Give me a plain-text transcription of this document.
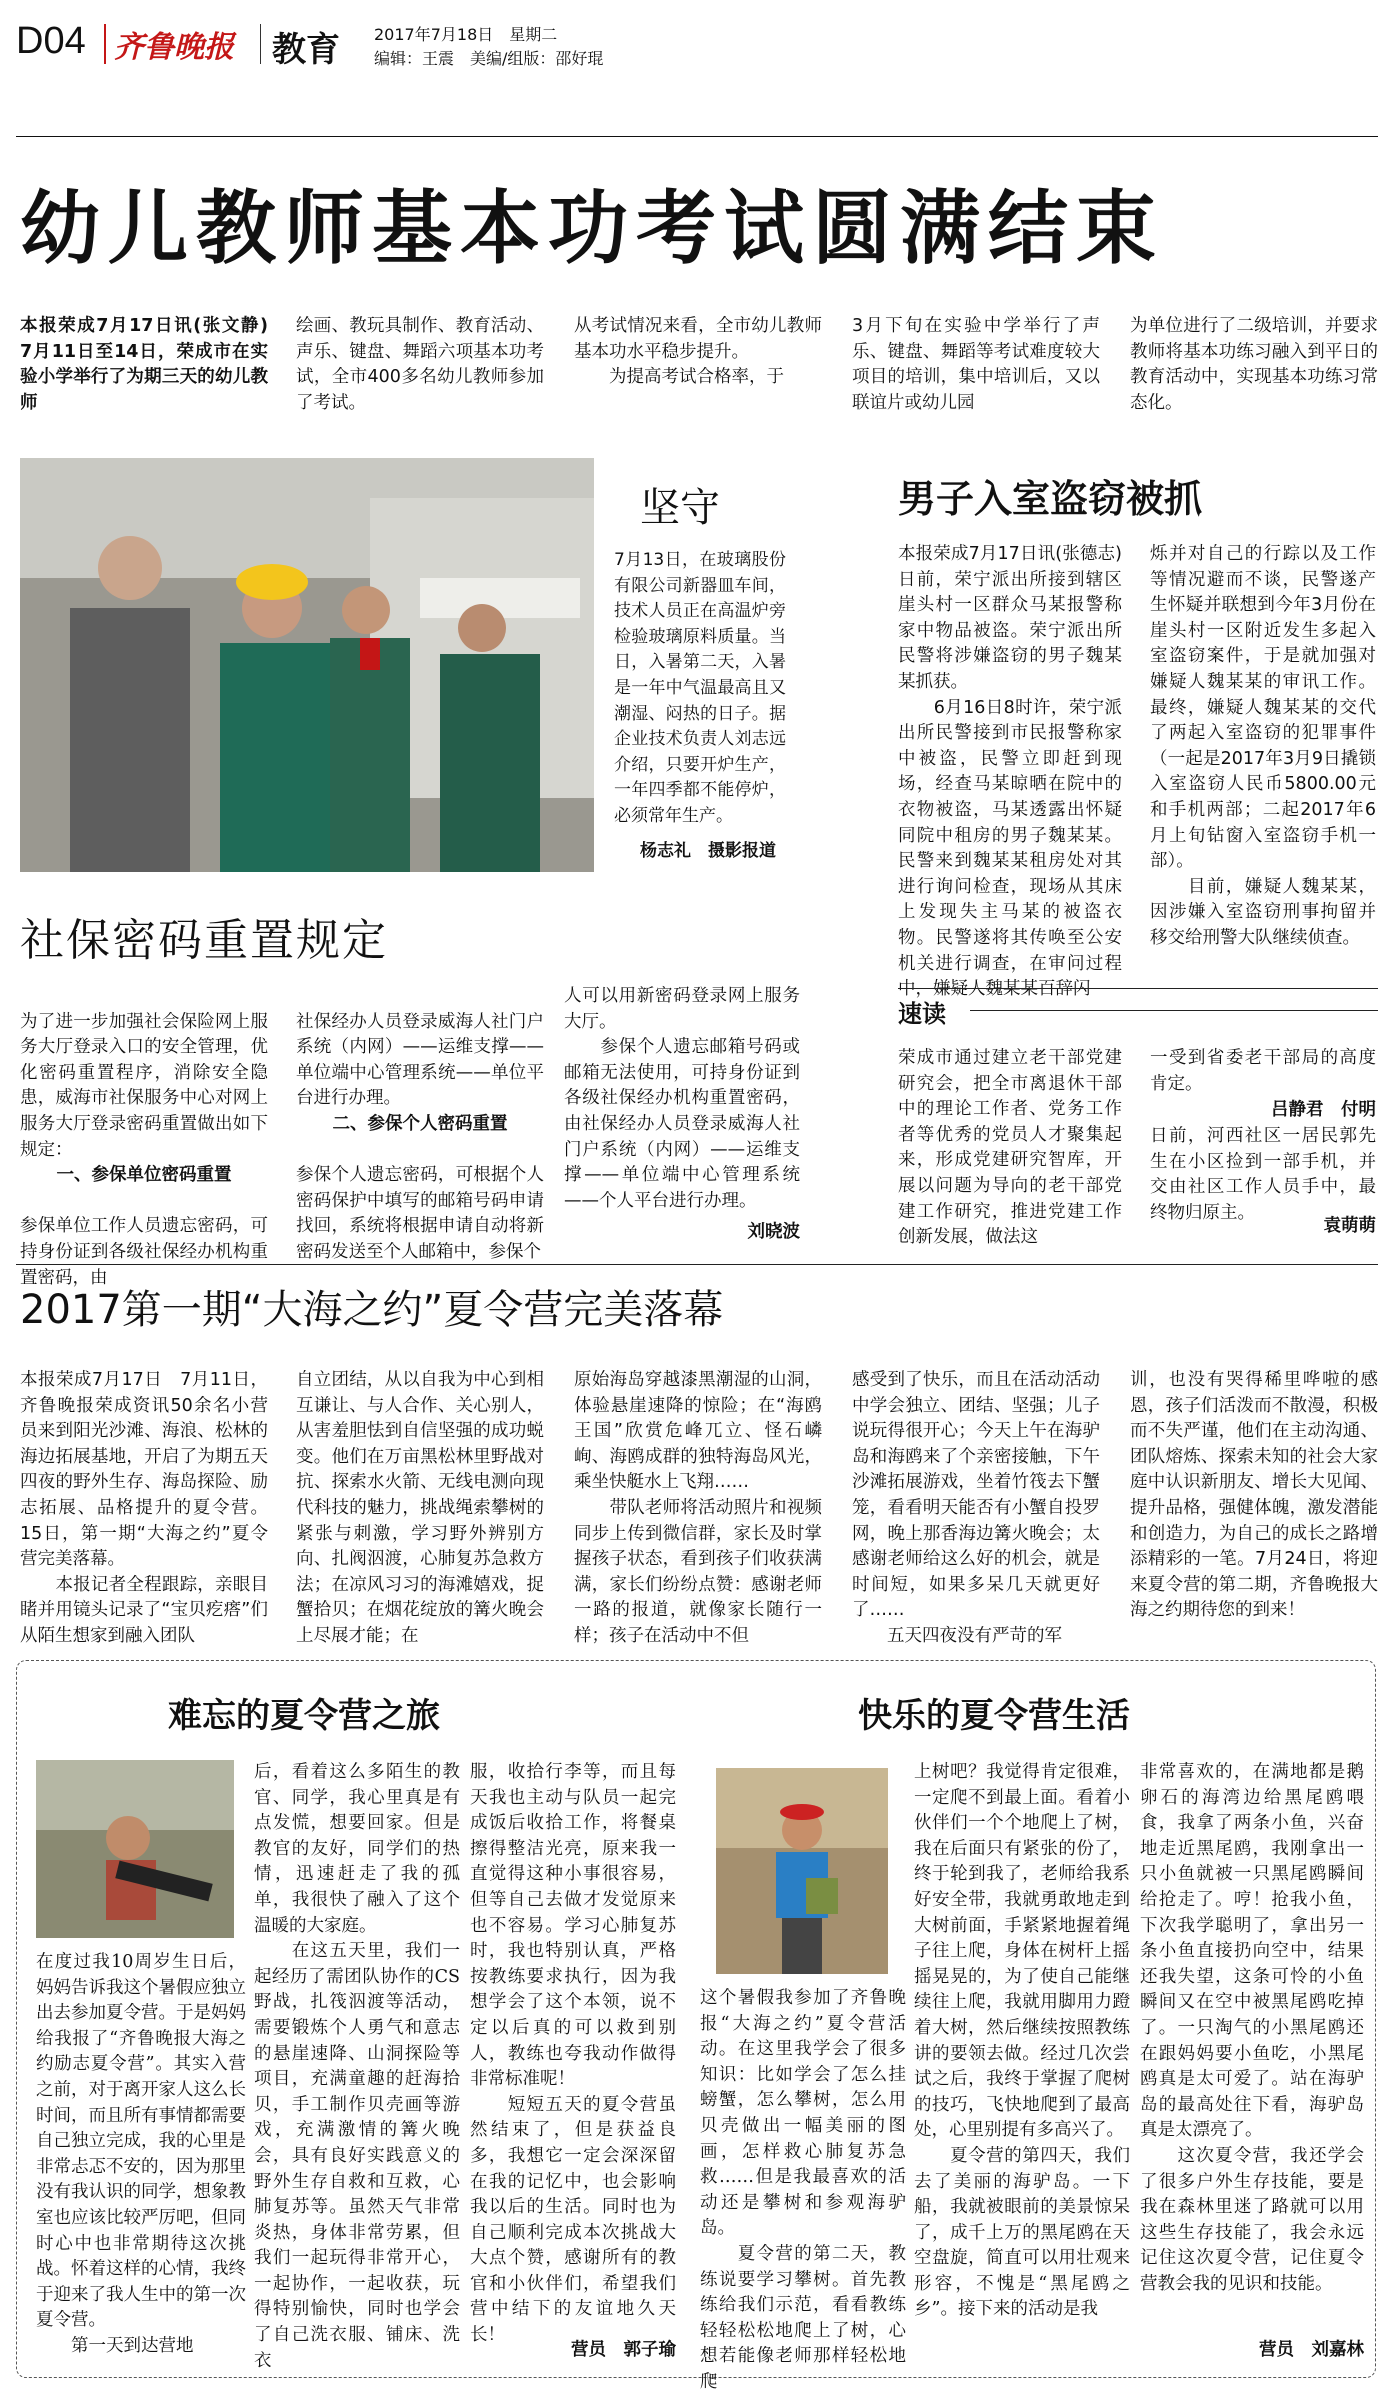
D04 齐鲁晚报 教育 2017年7月18日　星期二
编辑：王震　美编/组版：邵好琨
幼儿教师基本功考试圆满结束
本报荣成7月17日讯(张文静)　7月11日至14日，荣成市在实验小学举行了为期三天的幼儿教师
绘画、教玩具制作、教育活动、声乐、键盘、舞蹈六项基本功考试，全市400多名幼儿教师参加了考试。
从考试情况来看，全市幼儿教师基本功水平稳步提升。
　　为提高考试合格率，于
3月下旬在实验中学举行了声乐、键盘、舞蹈等考试难度较大项目的培训，集中培训后，又以联谊片或幼儿园
为单位进行了二级培训，并要求教师将基本功练习融入到平日的教育活动中，实现基本功练习常态化。
坚守
7月13日，在玻璃股份有限公司新器皿车间，技术人员正在高温炉旁检验玻璃原料质量。当日，入暑第二天，入暑是一年中气温最高且又潮湿、闷热的日子。据企业技术负责人刘志远介绍，只要开炉生产，一年四季都不能停炉，必须常年生产。
杨志礼　摄影报道
男子入室盗窃被抓
本报荣成7月17日讯(张德志)　日前，荣宁派出所接到辖区崖头村一区群众马某报警称家中物品被盗。荣宁派出所民警将涉嫌盗窃的男子魏某某抓获。
　　6月16日8时许，荣宁派出所民警接到市民报警称家中被盗，民警立即赶到现场，经查马某晾晒在院中的衣物被盗，马某透露出怀疑同院中租房的男子魏某某。民警来到魏某某租房处对其进行询问检查，现场从其床上发现失主马某的被盗衣物。民警遂将其传唤至公安机关进行调查，在审问过程中，嫌疑人魏某某百辞闪
烁并对自己的行踪以及工作等情况避而不谈，民警遂产生怀疑并联想到今年3月份在崖头村一区附近发生多起入室盗窃案件，于是就加强对嫌疑人魏某某的审讯工作。最终，嫌疑人魏某某的交代了两起入室盗窃的犯罪事件（一起是2017年3月9日撬锁入室盗窃人民币5800.00元和手机两部；二起2017年6月上旬钻窗入室盗窃手机一部）。
　　目前，嫌疑人魏某某，因涉嫌入室盗窃刑事拘留并移交给刑警大队继续侦查。
速读
荣成市通过建立老干部党建研究会，把全市离退休干部中的理论工作者、党务工作者等优秀的党员人才聚集起来，形成党建研究智库，开展以问题为导向的老干部党建工作研究，推进党建工作创新发展，做法这
一受到省委老干部局的高度肯定。
吕静君　付明
日前，河西社区一居民郭先生在小区捡到一部手机，并交由社区工作人员手中，最终物归原主。
袁萌萌
社保密码重置规定

为了进一步加强社会保险网上服务大厅登录入口的安全管理，优化密码重置程序，消除安全隐患，威海市社保服务中心对网上服务大厅登录密码重置做出如下规定：

一、参保单位密码重置

参保单位工作人员遗忘密码，可持身份证到各级社保经办机构重置密码，由

社保经办人员登录威海人社门户系统（内网）——运维支撑——单位端中心管理系统——单位平台进行办理。

二、参保个人密码重置

参保个人遗忘密码，可根据个人密码保护中填写的邮箱号码申请找回，系统将根据申请自动将新密码发送至个人邮箱中，参保个

人可以用新密码登录网上服务大厅。
　　参保个人遗忘邮箱号码或邮箱无法使用，可持身份证到各级社保经办机构重置密码，由社保经办人员登录威海人社门户系统（内网）——运维支撑——单位端中心管理系统——个人平台进行办理。
刘晓波
2017第一期“大海之约”夏令营完美落幕
本报荣成7月17日　7月11日，齐鲁晚报荣成资讯50余名小营员来到阳光沙滩、海浪、松林的海边拓展基地，开启了为期五天四夜的野外生存、海岛探险、励志拓展、品格提升的夏令营。15日，第一期“大海之约”夏令营完美落幕。
　　本报记者全程跟踪，亲眼目睹并用镜头记录了“宝贝疙瘩”们从陌生想家到融入团队
自立团结，从以自我为中心到相互谦让、与人合作、关心别人，从害羞胆怯到自信坚强的成功蜕变。他们在万亩黑松林里野战对抗、探索水火箭、无线电测向现代科技的魅力，挑战绳索攀树的紧张与刺激，学习野外辨别方向、扎阀泅渡，心肺复苏急救方法；在凉风习习的海滩嬉戏，捉蟹拾贝；在烟花绽放的篝火晚会上尽展才能；在
原始海岛穿越漆黑潮湿的山洞，体验悬崖速降的惊险；在“海鸥王国”欣赏危峰兀立、怪石嶙峋、海鸥成群的独特海岛风光，乘坐快艇水上飞翔……
　　带队老师将活动照片和视频同步上传到微信群，家长及时掌握孩子状态，看到孩子们收获满满，家长们纷纷点赞：感谢老师一路的报道，就像家长随行一样；孩子在活动中不但
感受到了快乐，而且在活动活动中学会独立、团结、坚强；儿子说玩得很开心；今天上午在海驴岛和海鸥来了个亲密接触，下午沙滩拓展游戏，坐着竹筏去下蟹笼，看看明天能否有小蟹自投罗网，晚上那香海边篝火晚会；太感谢老师给这么好的机会，就是时间短，如果多呆几天就更好了……
　　五天四夜没有严苛的军
训，也没有哭得稀里哗啦的感恩，孩子们活泼而不散漫，积极而不失严谨，他们在主动沟通、团队熔炼、探索未知的社会大家庭中认识新朋友、增长大见闻、提升品格，强健体魄，激发潜能和创造力，为自己的成长之路增添精彩的一笔。7月24日，将迎来夏令营的第二期，齐鲁晚报大海之约期待您的到来！
难忘的夏令营之旅
在度过我10周岁生日后，妈妈告诉我这个暑假应独立出去参加夏令营。于是妈妈给我报了“齐鲁晚报大海之约励志夏令营”。其实入营之前，对于离开家人这么长时间，而且所有事情都需要自己独立完成，我的心里是非常忐忑不安的，因为那里没有我认识的同学，想象教室也应该比较严厉吧，但同时心中也非常期待这次挑战。怀着这样的心情，我终于迎来了我人生中的第一次夏令营。
　　第一天到达营地
后，看着这么多陌生的教官、同学，我心里真是有点发慌，想要回家。但是教官的友好，同学们的热情，迅速赶走了我的孤单，我很快了融入了这个温暖的大家庭。
　　在这五天里，我们一起经历了需团队协作的CS野战，扎筏泅渡等活动，需要锻炼个人勇气和意志的悬崖速降、山洞探险等项目，充满童趣的赶海拾贝，手工制作贝壳画等游戏，充满激情的篝火晚会，具有良好实践意义的野外生存自救和互救，心肺复苏等。虽然天气非常炎热，身体非常劳累，但我们一起玩得非常开心，一起协作，一起收获，玩得特别愉快，同时也学会了自己洗衣服、铺床、洗衣
服，收拾行李等，而且每天我也主动与队员一起完成饭后收拾工作，将餐桌擦得整洁光亮，原来我一直觉得这种小事很容易，但等自己去做才发觉原来也不容易。学习心肺复苏时，我也特别认真，严格按教练要求执行，因为我想学会了这个本领，说不定以后真的可以救到别人，教练也夸我动作做得非常标准呢！
　　短短五天的夏令营虽然结束了，但是获益良多，我想它一定会深深留在我的记忆中，也会影响我以后的生活。同时也为自己顺利完成本次挑战大大点个赞，感谢所有的教官和小伙伴们，希望我们营中结下的友谊地久天长！
营员　郭子瑜
快乐的夏令营生活
这个暑假我参加了齐鲁晚报“大海之约”夏令营活动。在这里我学会了很多知识：比如学会了怎么挂螃蟹，怎么攀树，怎么用贝壳做出一幅美丽的图画，怎样救心肺复苏急救……但是我最喜欢的活动还是攀树和参观海驴岛。
　　夏令营的第二天，教练说要学习攀树。首先教练给我们示范，看看教练轻轻松松地爬上了树，心想若能像老师那样轻松地爬
上树吧？我觉得肯定很难，一定爬不到最上面。看着小伙伴们一个个地爬上了树，我在后面只有紧张的份了，终于轮到我了，老师给我系好安全带，我就勇敢地走到大树前面，手紧紧地握着绳子往上爬，身体在树杆上摇摇晃晃的，为了使自己能继续往上爬，我就用脚用力蹬着大树，然后继续按照教练讲的要领去做。经过几次尝试之后，我终于掌握了爬树的技巧，飞快地爬到了最高处，心里别提有多高兴了。
　　夏令营的第四天，我们去了美丽的海驴岛。一下船，我就被眼前的美景惊呆了，成千上万的黑尾鸥在天空盘旋，简直可以用壮观来形容，不愧是“黑尾鸥之乡”。接下来的活动是我
非常喜欢的，在满地都是鹅卵石的海湾边给黑尾鸥喂食，我拿了两条小鱼，兴奋地走近黑尾鸥，我刚拿出一只小鱼就被一只黑尾鸥瞬间给抢走了。哼！抢我小鱼，下次我学聪明了，拿出另一条小鱼直接扔向空中，结果还我失望，这条可怜的小鱼瞬间又在空中被黑尾鸥吃掉了。一只淘气的小黑尾鸥还在跟妈妈要小鱼吃，小黑尾鸥真是太可爱了。站在海驴岛的最高处往下看，海驴岛真是太漂亮了。
　　这次夏令营，我还学会了很多户外生存技能，要是我在森林里迷了路就可以用这些生存技能了，我会永远记住这次夏令营，记住夏令营教会我的见识和技能。
营员　刘嘉林
